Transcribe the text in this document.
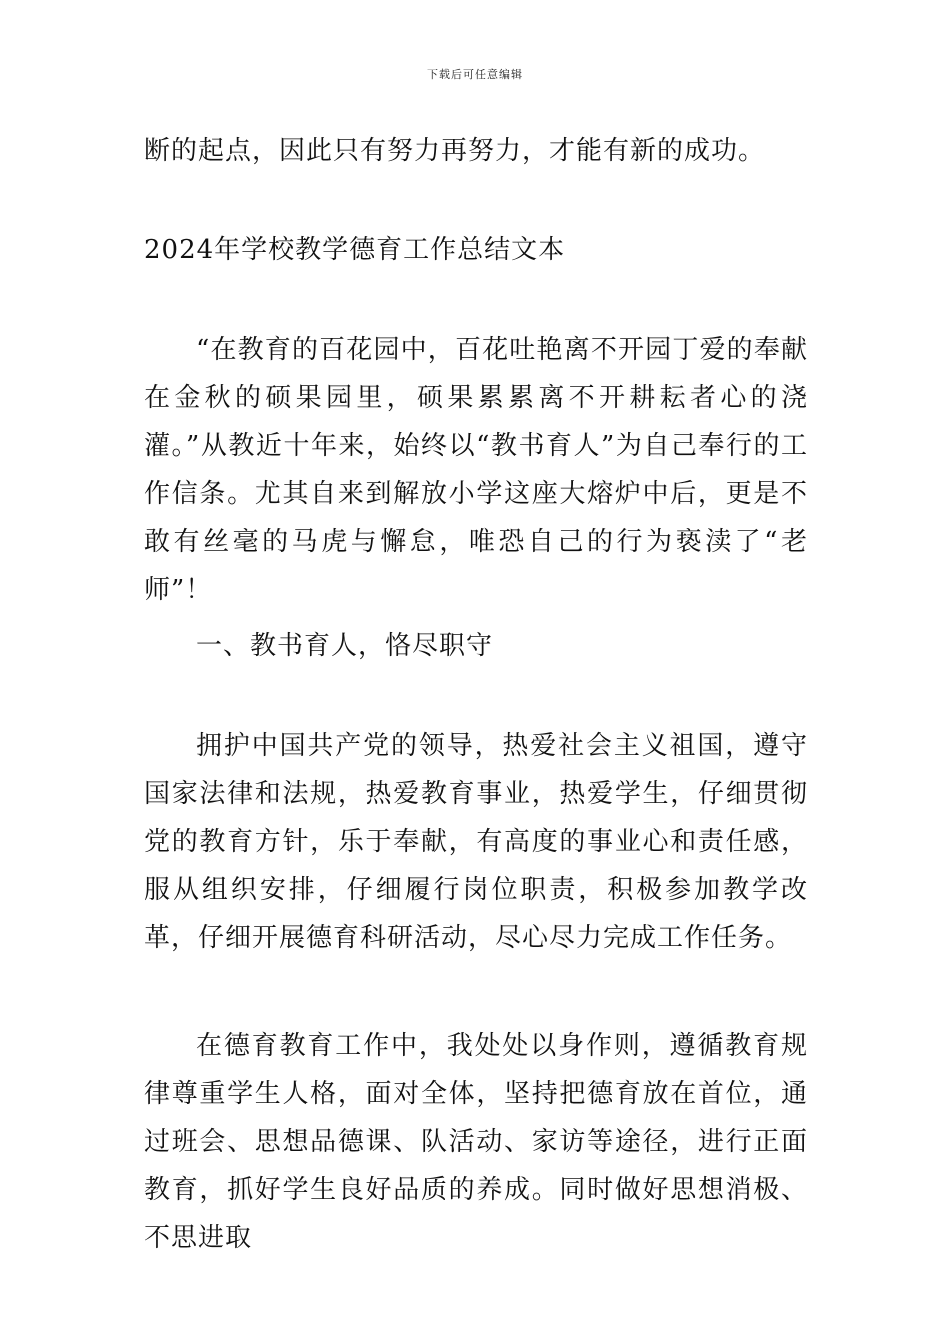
下载后可任意编辑

断的起点，因此只有努力再努力，才能有新的成功。

2024年学校教学德育工作总结文本

“在教育的百花园中，百花吐艳离不开园丁爱的奉献在金秋的硕果园里，硕果累累离不开耕耘者心的浇灌。”从教近十年来，始终以“教书育人”为自己奉行的工作信条。尤其自来到解放小学这座大熔炉中后，更是不敢有丝毫的马虎与懈怠，唯恐自己的行为亵渎了“老师”！

一、教书育人，恪尽职守

拥护中国共产党的领导，热爱社会主义祖国，遵守国家法律和法规，热爱教育事业，热爱学生，仔细贯彻党的教育方针，乐于奉献，有高度的事业心和责任感，服从组织安排，仔细履行岗位职责，积极参加教学改革，仔细开展德育科研活动，尽心尽力完成工作任务。

在德育教育工作中，我处处以身作则，遵循教育规律尊重学生人格，面对全体，坚持把德育放在首位，通过班会、思想品德课、队活动、家访等途径，进行正面教育，抓好学生良好品质的养成。同时做好思想消极、不思进取
